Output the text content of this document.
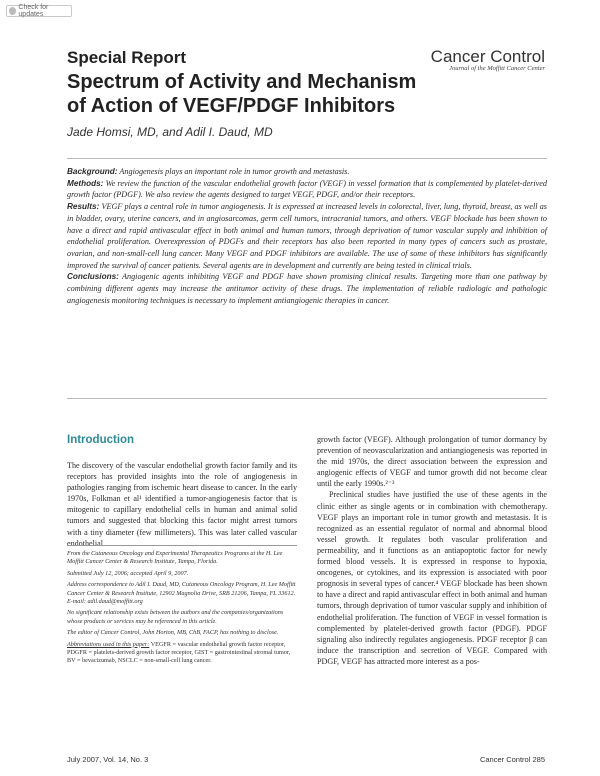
Check for updates
Special Report	Cancer Control
Journal of the Moffitt Cancer Center
Spectrum of Activity and Mechanism
of Action of VEGF/PDGF Inhibitors
Jade Homsi, MD, and Adil I. Daud, MD

Background: Angiogenesis plays an important role in tumor growth and metastasis.

Methods: We review the function of the vascular endothelial growth factor (VEGF) in vessel formation that is complemented by platelet-derived growth factor (PDGF). We also review the agents designed to target VEGF, PDGF, and/or their receptors.

Results: VEGF plays a central role in tumor angiogenesis. It is expressed at increased levels in colorectal, liver, lung, thyroid, breast, as well as in bladder, ovary, uterine cancers, and in angiosarcomas, germ cell tumors, intracranial tumors, and others. VEGF blockade has been shown to have a direct and rapid antivascular effect in both animal and human tumors, through deprivation of tumor vascular supply and inhibition of endothelial proliferation. Overexpression of PDGFs and their receptors has also been reported in many types of cancers such as prostate, ovarian, and non-small-cell lung cancer. Many VEGF and PDGF inhibitors are available. The use of some of these inhibitors has significantly improved the survival of cancer patients. Several agents are in development and currently are being tested in clinical trials.

Conclusions: Angiogenic agents inhibiting VEGF and PDGF have shown promising clinical results. Targeting more than one pathway by combining different agents may increase the antitumor activity of these drugs. The implementation of reliable radiologic and pathologic angiogenesis monitoring techniques is necessary to implement antiangiogenic therapies in cancer.

Introduction

The discovery of the vascular endothelial growth factor family and its receptors has provided insights into the role of angiogenesis in pathologies ranging from ischemic heart disease to cancer. In the early 1970s, Folkman et al¹ identified a tumor-angiogenesis factor that is mitogenic to capillary endothelial cells in human and animal solid tumors and suggested that blocking this factor might arrest tumors with a tiny diameter (few millimeters). This was later called vascular endothelial

growth factor (VEGF). Although prolongation of tumor dormancy by prevention of neovascularization and antiangiogenesis was reported in the mid 1970s, the direct association between the expression and angiogenic effects of VEGF and tumor growth did not become clear until the early 1990s.²⁻³

Preclinical studies have justified the use of these agents in the clinic either as single agents or in combination with chemotherapy. VEGF plays an important role in tumor growth and metastasis. It is recognized as an essential regulator of normal and abnormal blood vessel growth. It regulates both vascular proliferation and permeability, and it functions as an antiapoptotic factor for newly formed blood vessels. It is expressed in response to hypoxia, oncogenes, or cytokines, and its expression is associated with poor prognosis in several types of cancer.⁴ VEGF blockade has been shown to have a direct and rapid antivascular effect in both animal and human tumors, through deprivation of tumor vascular supply and inhibition of endothelial proliferation. The function of VEGF in vessel formation is complemented by platelet-derived growth factor (PDGF). PDGF signaling also indirectly regulates angiogenesis. PDGF receptor β can induce the transcription and secretion of VEGF. Compared with PDGF, VEGF has attracted more interest as a pos-

From the Cutaneous Oncology and Experimental Therapeutics Programs at the H. Lee Moffitt Cancer Center & Research Institute, Tampa, Florida.

Submitted July 12, 2006; accepted April 9, 2007.

Address correspondence to Adil I. Daud, MD, Cutaneous Oncology Program, H. Lee Moffitt Cancer Center & Research Institute, 12902 Magnolia Drive, SRB 21206, Tampa, FL 33612. E-mail: adil.daud@moffitt.org

No significant relationship exists between the authors and the companies/organizations whose products or services may be referenced in this article.

The editor of Cancer Control, John Horton, MB, ChB, FACP, has nothing to disclose.

Abbreviations used in this paper: VEGFR = vascular endothelial growth factor receptor, PDGFR = platelets-derived growth factor receptor, GIST = gastrointestinal stromal tumor, BV = bevacizumab, NSCLC = non-small-cell lung cancer.

July 2007, Vol. 14, No. 3	Cancer Control 285
